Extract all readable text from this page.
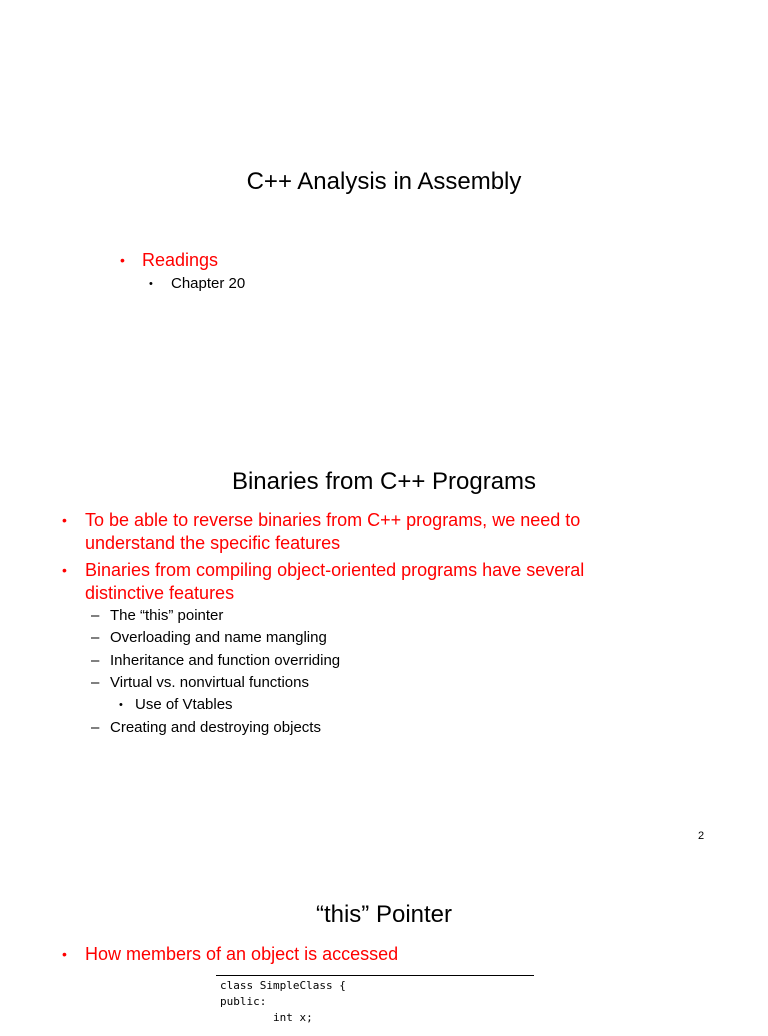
C++ Analysis in Assembly
• Readings
• Chapter 20
Binaries from C++ Programs
• To be able to reverse binaries from C++ programs, we need to
understand the specific features
• Binaries from compiling object-oriented programs have several
distinctive features
– The “this” pointer
– Overloading and name mangling
– Inheritance and function overriding
– Virtual vs. nonvirtual functions
• Use of Vtables
– Creating and destroying objects
2
“this” Pointer
• How members of an object is accessed
class SimpleClass {
public:
int x;
